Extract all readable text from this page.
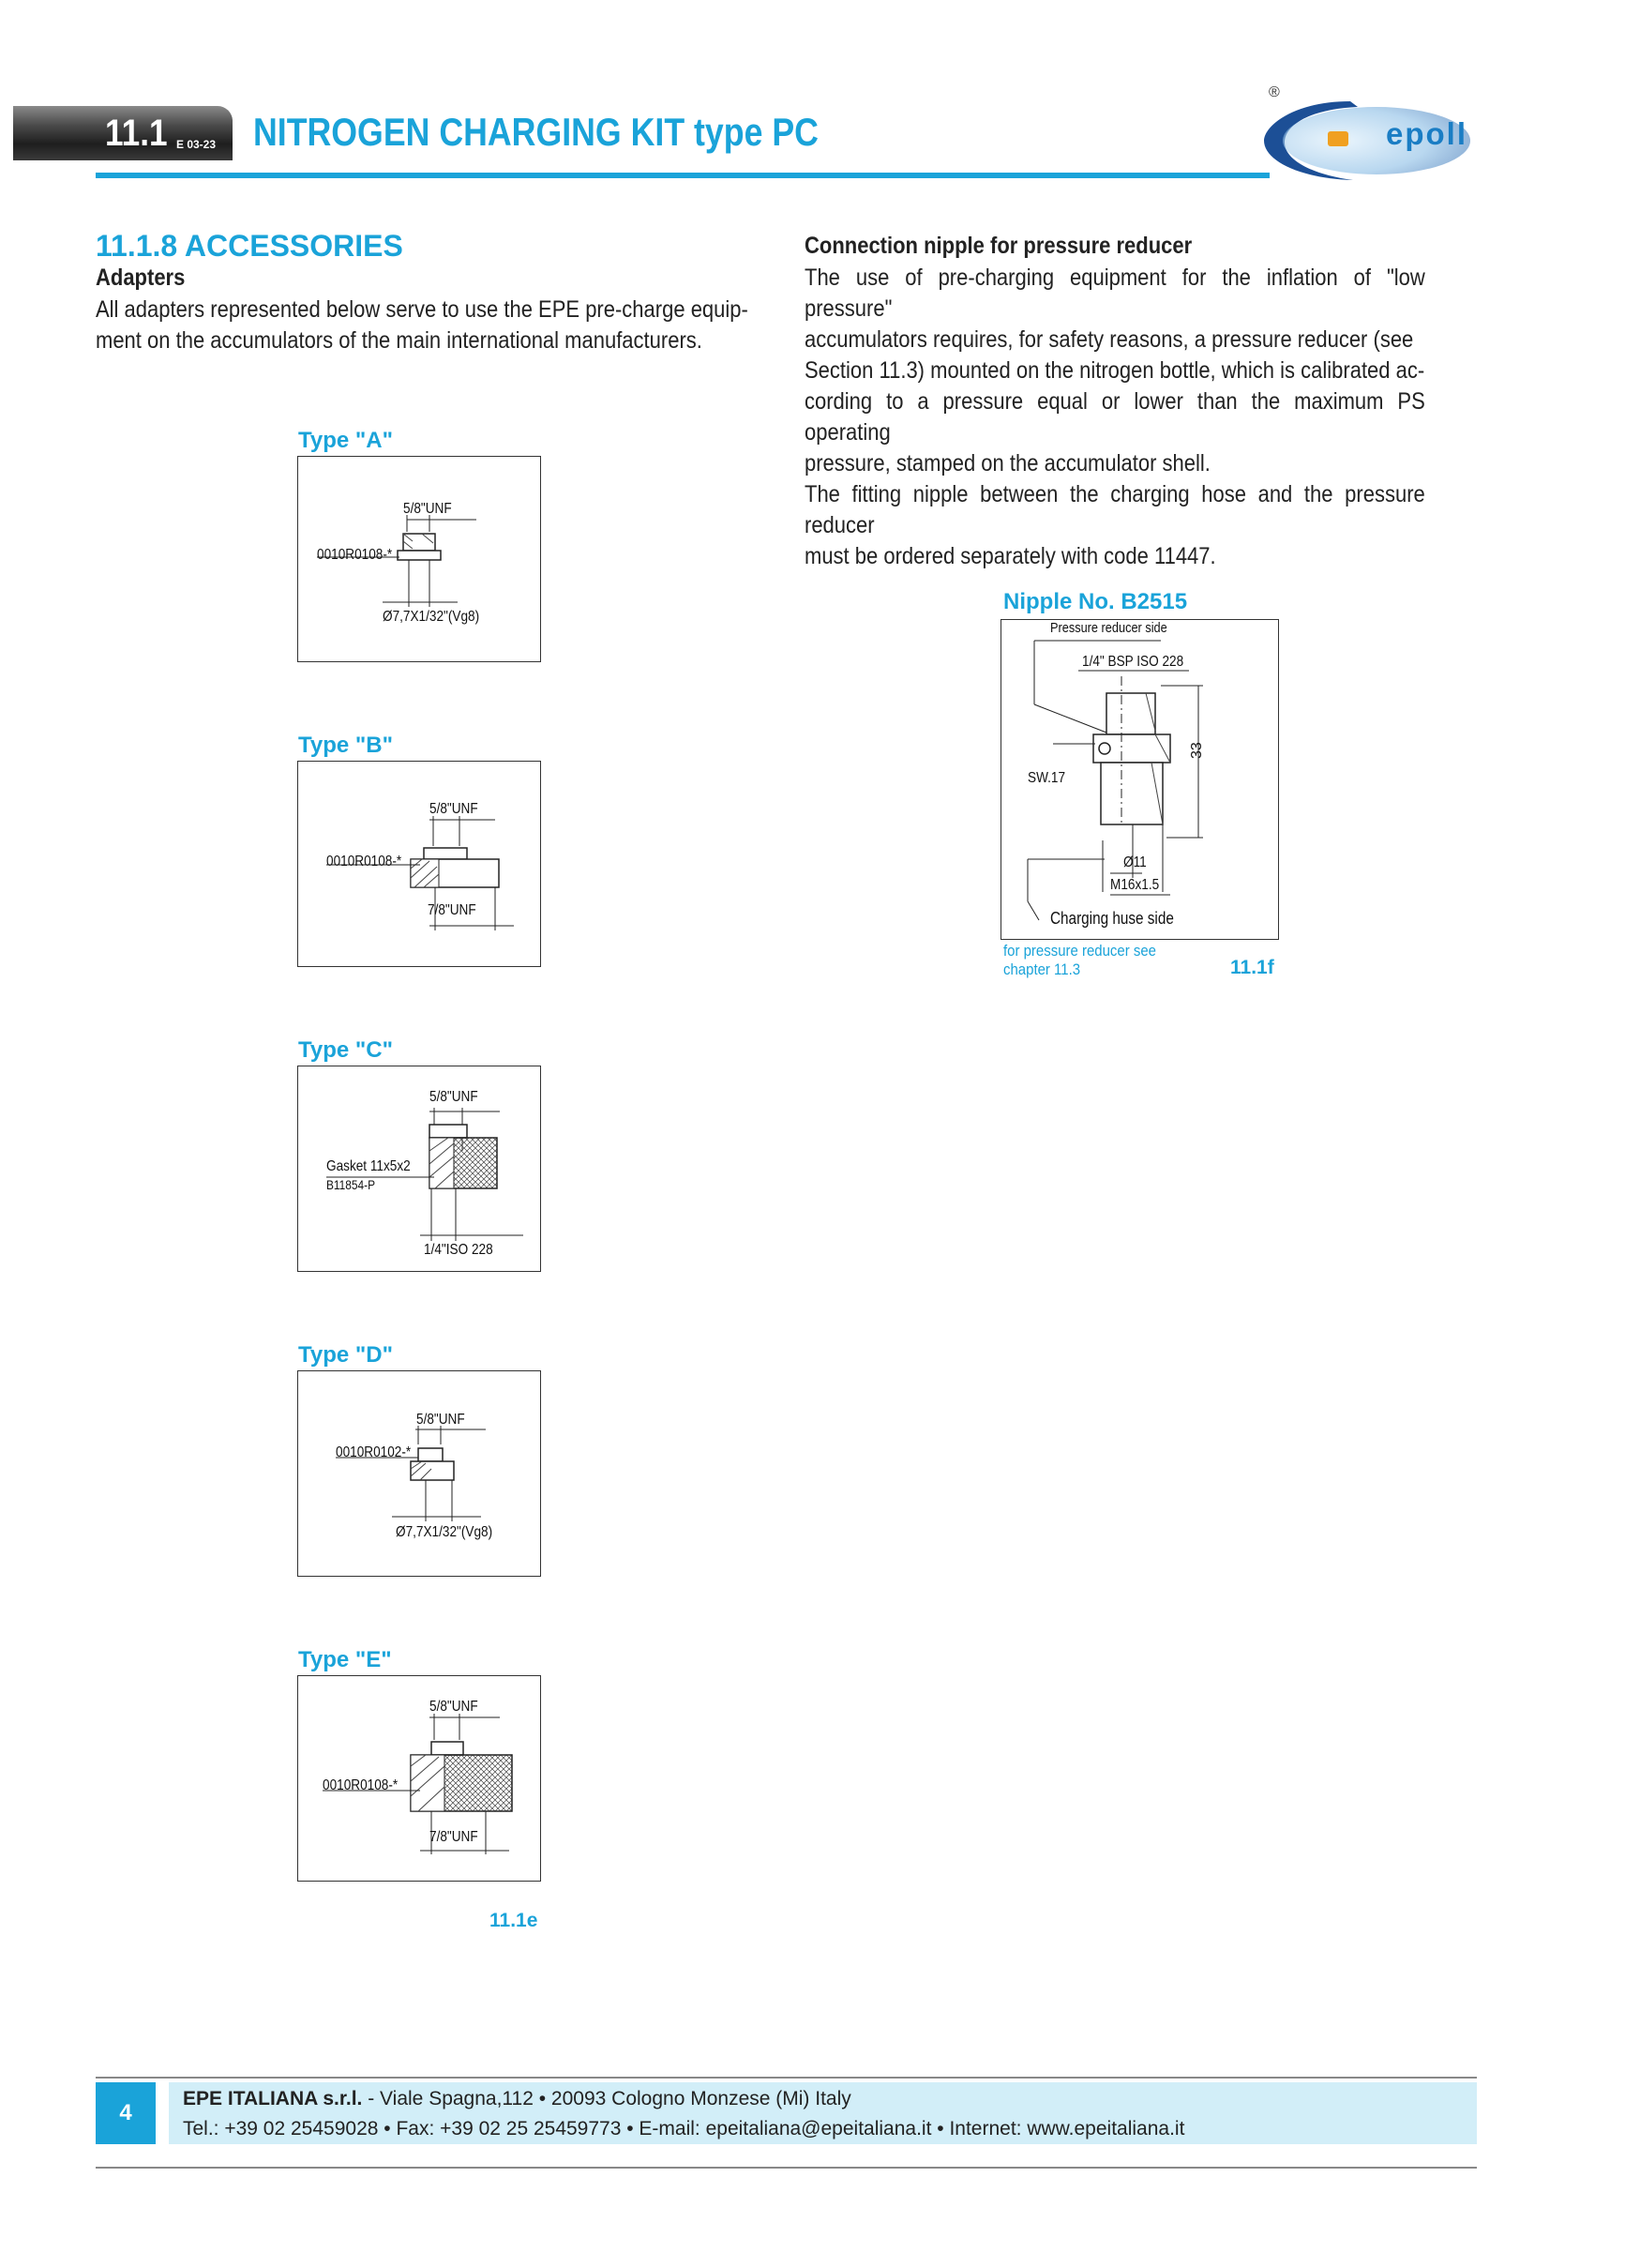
11.1 E 03-23 NITROGEN CHARGING KIT type PC
®
epoll
11.1.8 ACCESSORIES
Adapters

All adapters represented below serve to use the EPE pre-charge equip-

ment on the accumulators of the main international manufacturers.

Connection nipple for pressure reducer

The use of pre-charging equipment for the inflation of "low pressure"

accumulators requires, for safety reasons, a pressure reducer (see

Section 11.3) mounted on the nitrogen bottle, which is calibrated ac-

cording to a pressure equal or lower than the maximum PS operating

pressure, stamped on the accumulator shell.

The fitting nipple between the charging hose and the pressure reducer

must be ordered separately with code 11447.

Type "A"
5/8"UNF
0010R0108-*
Ø7,7X1/32"(Vg8)
Type "B"
5/8"UNF
0010R0108-*
7/8"UNF
Type "C"
5/8"UNF
Gasket 11x5x2
B11854-P
1/4"ISO 228
Type "D"
5/8"UNF
0010R0102-*
Ø7,7X1/32"(Vg8)
Type "E"
5/8"UNF
0010R0108-*
7/8"UNF
11.1e
Nipple No. B2515
Pressure reducer side
1/4" BSP ISO 228
SW.17
33
Ø11
M16x1.5
Charging huse side
for pressure reducer see
chapter 11.3	11.1f
4
EPE ITALIANA s.r.l. - Viale Spagna,112 • 20093 Cologno Monzese (Mi) Italy
Tel.: +39 02 25459028 • Fax: +39 02 25 25459773 • E-mail: epeitaliana@epeitaliana.it • Internet: www.epeitaliana.it
